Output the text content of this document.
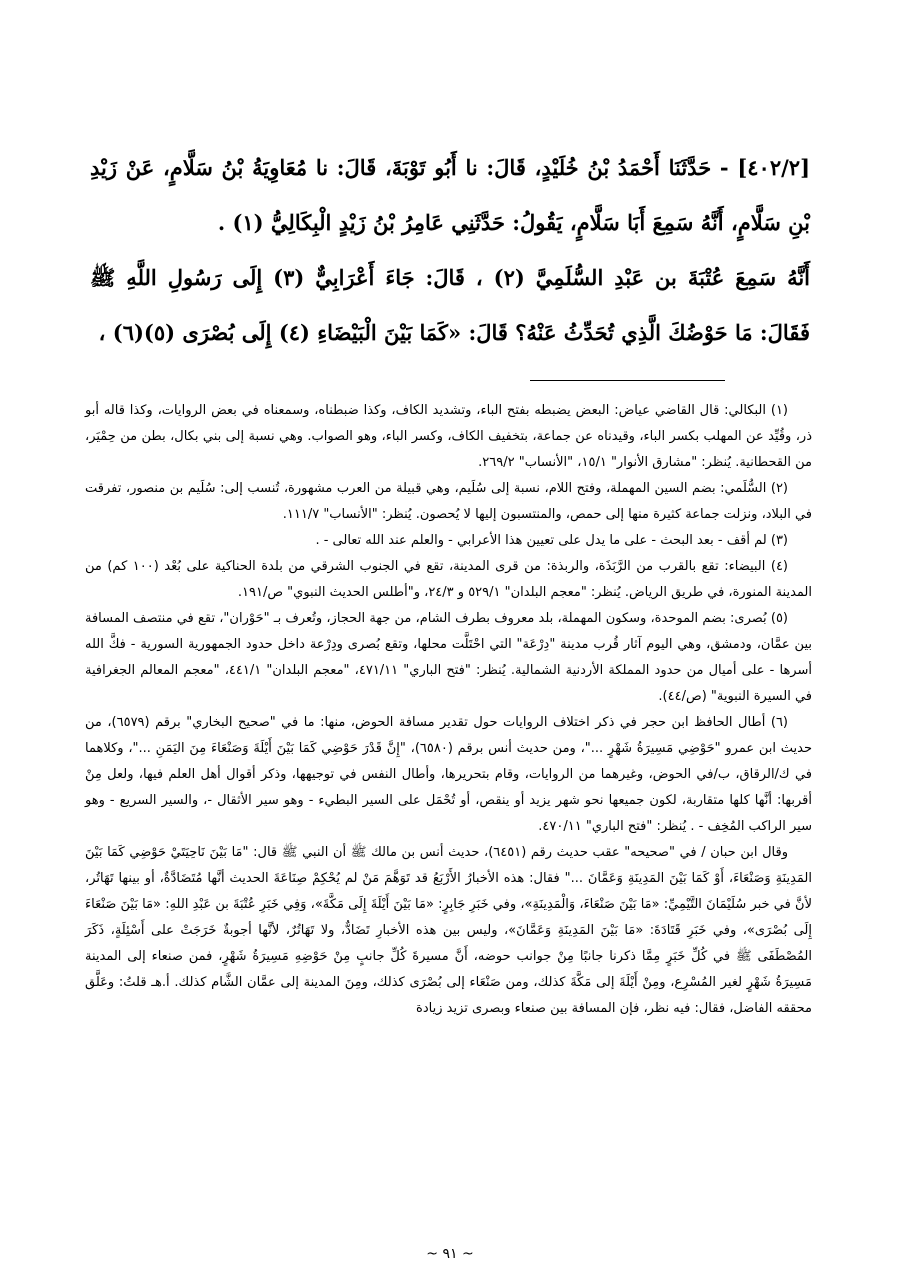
[٤٠٢/٢] - حَدَّثَنَا أَحْمَدُ بْنُ خُلَيْدٍ، قَالَ: نا أَبُو تَوْبَةَ، قَالَ: نا مُعَاوِيَةُ بْنُ سَلَّامٍ، عَنْ زَيْدِ بْنِ سَلَّامٍ، أَنَّهُ سَمِعَ أَبَا سَلَّامٍ، يَقُولُ: حَدَّثَنِي عَامِرُ بْنُ زَيْدٍ الْبِكَالِيُّ (١) .

أَنَّهُ سَمِعَ عُتْبَةَ بن عَبْدِ السُّلَمِيَّ (٢) ، قَالَ: جَاءَ أَعْرَابِيٌّ (٣) إِلَى رَسُولِ اللَّهِ ﷺ فَقَالَ: مَا حَوْضُكَ الَّذِي تُحَدِّثُ عَنْهُ؟ قَالَ: «كَمَا بَيْنَ الْبَيْضَاءِ (٤) إِلَى بُصْرَى (٥)(٦) ،

(١) البكالي: قال القاضي عياض: البعض يضبطه بفتح الباء، وتشديد الكاف، وكذا ضبطناه، وسمعناه في بعض الروايات، وكذا قاله أبو ذر، وقُيِّد عن المهلب بكسر الباء، وقيدناه عن جماعة، بتخفيف الكاف، وكسر الباء، وهو الصواب. وهي نسبة إلى بني بكال، بطن من حِمْيَر، من القحطانية. يُنظر: "مشارق الأنوار" ١٥/١، "الأنساب" ٢٦٩/٢.

(٢) السُّلَمي: بضم السين المهملة، وفتح اللام، نسبة إلى سُلَيم، وهي قبيلة من العرب مشهورة، تُنسب إلى: سُلَيم بن منصور، تفرقت في البلاد، ونزلت جماعة كثيرة منها إلى حمص، والمنتسبون إليها لا يُحصون. يُنظر: "الأنساب" ١١١/٧.

(٣) لم أقف - بعد البحث - على ما يدل على تعيين هذا الأعرابي - والعلم عند الله تعالى - .

(٤) البيضاء: تقع بالقرب من الرَّبَذَة، والربذة: من قرى المدينة، تقع في الجنوب الشرقي من بلدة الحناكية على بُعْد (١٠٠ كم) من المدينة المنورة، في طريق الرياض. يُنظر: "معجم البلدان" ٥٢٩/١ و ٢٤/٣، و"أطلس الحديث النبوي" ص/١٩١.

(٥) بُصرى: بضم الموحدة، وسكون المهملة، بلد معروف بطرف الشام، من جهة الحجاز، وتُعرف بـ "حَوْران"، تقع في منتصف المسافة بين عمَّان، ودمشق، وهي اليوم آثار قُرب مدينة "دِرْعَة" التي احْتَلَّت محلها، وتقع بُصرى ودِرْعة داخل حدود الجمهورية السورية - فكَّ الله أسرها - على أميال من حدود المملكة الأردنية الشمالية. يُنظر: "فتح الباري" ٤٧١/١١، "معجم البلدان" ٤٤١/١، "معجم المعالم الجغرافية في السيرة النبوية" (ص/٤٤).

(٦) أطال الحافظ ابن حجر في ذكر اختلاف الروايات حول تقدير مسافة الحوض، منها: ما في "صحيح البخاري" برقم (٦٥٧٩)، من حديث ابن عمرو "حَوْضِي مَسِيرَةُ شَهْرٍ ..."، ومن حديث أنس برقم (٦٥٨٠)، "إِنَّ قَدْرَ حَوْضِي كَمَا بَيْنَ أَيْلَةَ وَصَنْعَاءَ مِنَ اليَمَنِ ..."، وكلاهما في ك/الرقاق، ب/في الحوض، وغيرهما من الروايات، وقام بتحريرها، وأطال النفس في توجيهها، وذكر أقوال أهل العلم فيها، ولعل مِنْ أقربها: أنَّها كلها متقاربة، لكون جميعها نحو شهر يزيد أو ينقص، أو تُحْمَل على السير البطيء - وهو سير الأثقال -، والسير السريع - وهو سير الراكب المُخِف - . يُنظر: "فتح الباري" ٤٧٠/١١.

وقال ابن حبان / في "صحيحه" عقب حديث رقم (٦٤٥١)، حديث أنس بن مالك ﷺ أن النبي ﷺ قال: "مَا بَيْنَ نَاحِيَتَيْ حَوْضِي كَمَا بَيْنَ المَدِينَةِ وَصَنْعَاءَ، أَوْ كَمَا بَيْنَ المَدِينَةِ وَعَمَّانَ ..." فقال: هذه الأخبارُ الأَرْبَعُ قد تَوَهَّمَ مَنْ لم يُحْكِمْ صِنَاعَةَ الحديث أنَّها مُتَضَادَّةٌ، أو بينها تَهَاتُر، لأنَّ في خبر سُلَيْمَانَ التَّيْمِيِّ: «مَا بَيْنَ صَنْعَاءَ، وَالْمَدِينَةِ»، وفي خَبَرِ جَابِرٍ: «مَا بَيْنَ أَيْلَةَ إِلَى مَكَّةَ»، وَفِي خَبَرِ عُتْبَةَ بن عَبْدِ اللهِ: «مَا بَيْنَ صَنْعَاءَ إِلَى بُصْرَى»، وفي خَبَرِ قَتَادَةَ: «مَا بَيْنَ المَدِينَةِ وَعَمَّانَ»، وليس بين هذه الأخبارِ تَضَادٌّ، ولا تَهَاتُرٌ، لأنَّها أجوبةٌ خَرَجَتْ على أَسْئِلَةٍ، ذَكَرَ المُصْطَفَى ﷺ في كُلِّ خَبَرٍ مِمَّا ذكرنا جانبًا مِنْ جوانب حوضه، أَنَّ مسيرةَ كُلِّ جانبٍ مِنْ حَوْضِهِ مَسِيرَةُ شَهْرٍ، فمن صنعاء إلى المدينة مَسِيرَةُ شَهْرٍ لغير المُسْرِع، ومِنْ أَيْلَةَ إلى مَكَّةَ كذلك، ومن صَنْعَاء إلى بُصْرَى كذلك، ومِنَ المدينة إلى عمَّان الشَّام كذلك. أ.هـ قلتُ: وعَلَّق محققه الفاضل، فقال: فيه نظر، فإن المسافة بين صنعاء وبصرى تزيد زيادة

~ ٩١ ~
